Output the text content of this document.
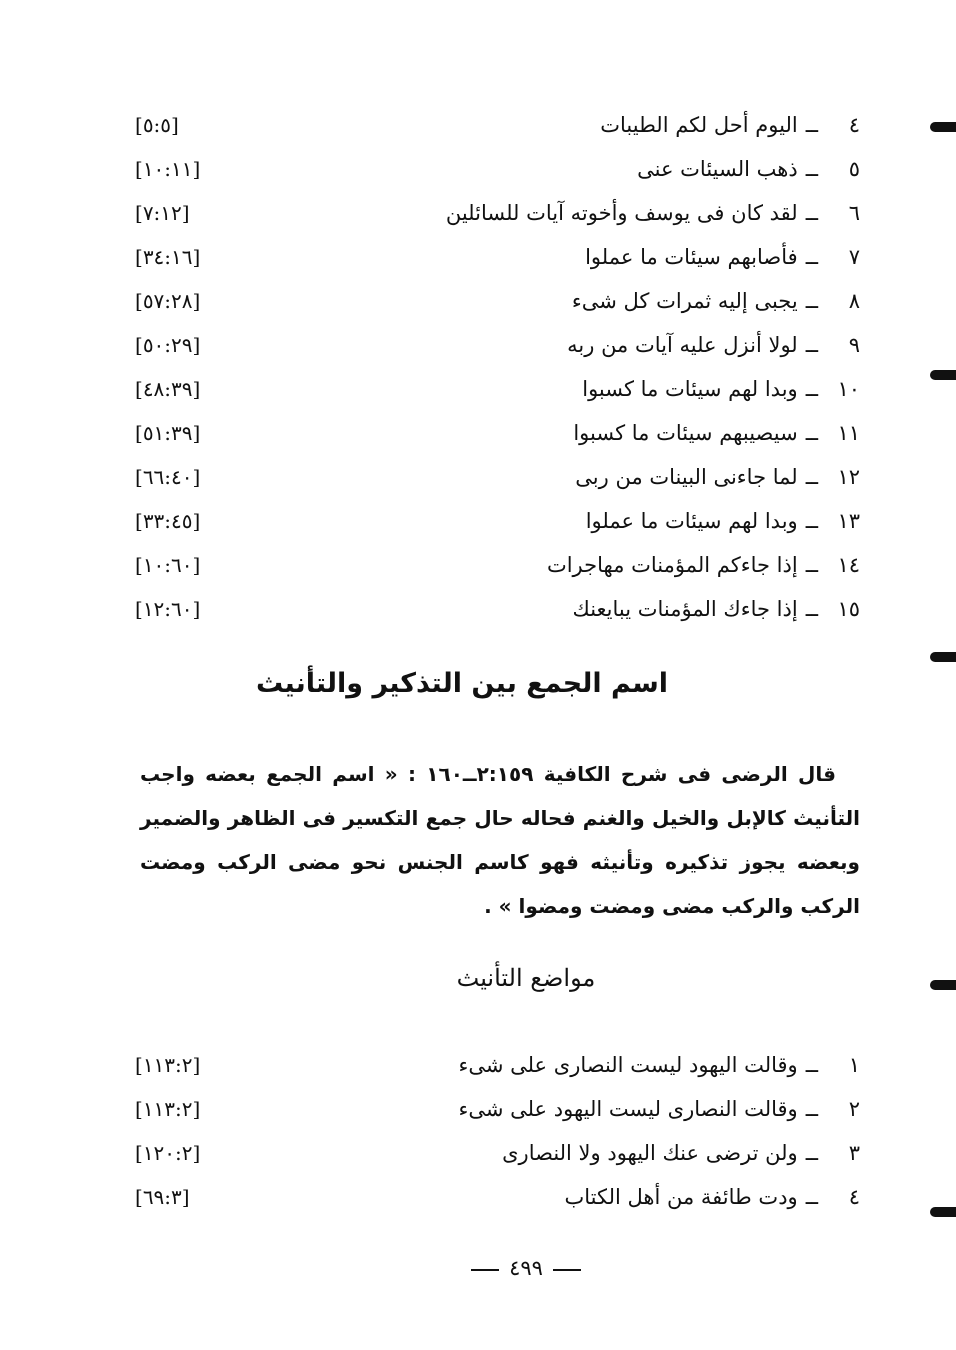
٤ــاليوم أحل لكم الطيبات
[٥:٥]
٥ــذهب السيئات عنى
[١٠:١١]
٦ــلقد كان فى يوسف وأخوته آيات للسائلين
[٧:١٢]
٧ــفأصابهم سيئات ما عملوا
[٣٤:١٦]
٨ــيجبى إليه ثمرات كل شىء
[٥٧:٢٨]
٩ــلولا أنزل عليه آيات من ربه
[٥٠:٢٩]
١٠ــوبدا لهم سيئات ما كسبوا
[٤٨:٣٩]
١١ــسيصيبهم سيئات ما كسبوا
[٥١:٣٩]
١٢ــلما جاءنى البينات من ربى
[٦٦:٤٠]
١٣ــوبدا لهم سيئات ما عملوا
[٣٣:٤٥]
١٤ــإذا جاءكم المؤمنات مهاجرات
[١٠:٦٠]
١٥ــإذا جاءك المؤمنات يبايعنك
[١٢:٦٠]
اسم الجمع بين التذكير والتأنيث
قال الرضى فى شرح الكافية ٢:١٥٩ــ١٦٠ : « اسم الجمع بعضه واجب التأنيث كالإبل والخيل والغنم فحاله حال جمع التكسير فى الظاهر والضمير وبعضه يجوز تذكيره وتأنيثه فهو كاسم الجنس نحو مضى الركب ومضت الركب والركب مضى ومضت ومضوا » .
مواضع التأنيث
١ــوقالت اليهود ليست النصارى على شىء
[١١٣:٢]
٢ــوقالت النصارى ليست اليهود على شىء
[١١٣:٢]
٣ــولن ترضى عنك اليهود ولا النصارى
[١٢٠:٢]
٤ــودت طائفة من أهل الكتاب
[٦٩:٣]
٤٩٩
